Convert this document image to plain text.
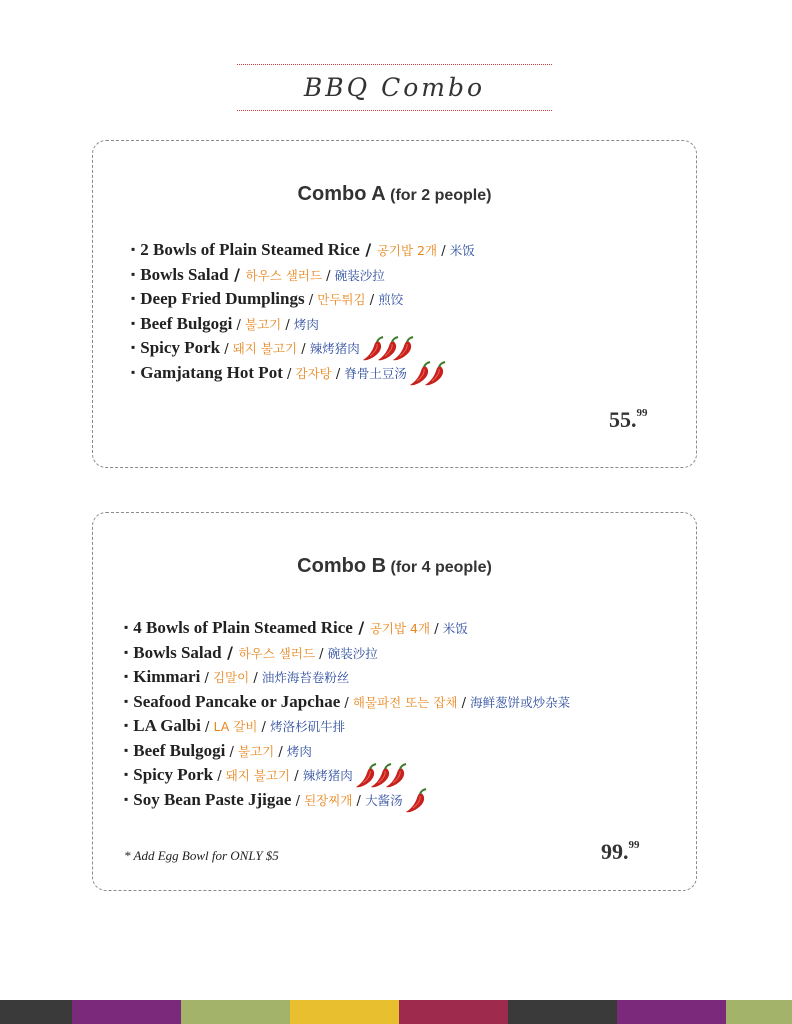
BBQ Combo
Combo A (for 2 people)
▪ 2 Bowls of Plain Steamed Rice / 공기밥 2개 / 米饭
▪ Bowls Salad / 하우스 샐러드 / 碗装沙拉
▪ Deep Fried Dumplings / 만두튀김 / 煎饺
▪ Beef Bulgogi / 불고기 / 烤肉
▪ Spicy Pork / 돼지 불고기 / 辣烤猪肉
▪ Gamjatang Hot Pot / 감자탕 / 脊骨土豆汤
55.99
Combo B (for 4 people)
▪ 4 Bowls of Plain Steamed Rice / 공기밥 4개 / 米饭
▪ Bowls Salad / 하우스 샐러드 / 碗装沙拉
▪ Kimmari / 김말이 / 油炸海苔卷粉丝
▪ Seafood Pancake or Japchae / 해물파전 또는 잡채 / 海鲜葱饼或炒杂菜
▪ LA Galbi / LA 갈비 / 烤洛杉矶牛排
▪ Beef Bulgogi / 불고기 / 烤肉
▪ Spicy Pork / 돼지 불고기 / 辣烤猪肉
▪ Soy Bean Paste Jjigae / 된장찌개 / 大酱汤
* Add Egg Bowl for ONLY $5	99.99
